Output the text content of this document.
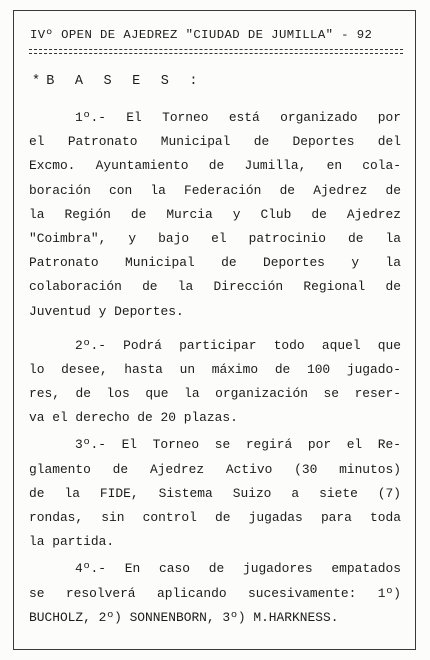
IVº OPEN DE AJEDREZ "CIUDAD DE JUMILLA" - 92
*B A S E S :
1º.- El Torneo está organizado por
el Patronato Municipal de Deportes del
Excmo. Ayuntamiento de Jumilla, en cola-
boración con la Federación de Ajedrez de
la Región de Murcia y Club de Ajedrez
"Coimbra", y bajo el patrocinio de la
Patronato Municipal de Deportes y la
colaboración de la Dirección Regional de
Juventud y Deportes.
2º.- Podrá participar todo aquel que
lo desee, hasta un máximo de 100 jugado-
res, de los que la organización se reser-
va el derecho de 20 plazas.
3º.- El Torneo se regirá por el Re-
glamento de Ajedrez Activo (30 minutos)
de la FIDE, Sistema Suizo a siete (7)
rondas, sin control de jugadas para toda
la partida.
4º.- En caso de jugadores empatados
se resolverá aplicando sucesivamente: 1º)
BUCHOLZ, 2º) SONNENBORN, 3º) M.HARKNESS.
